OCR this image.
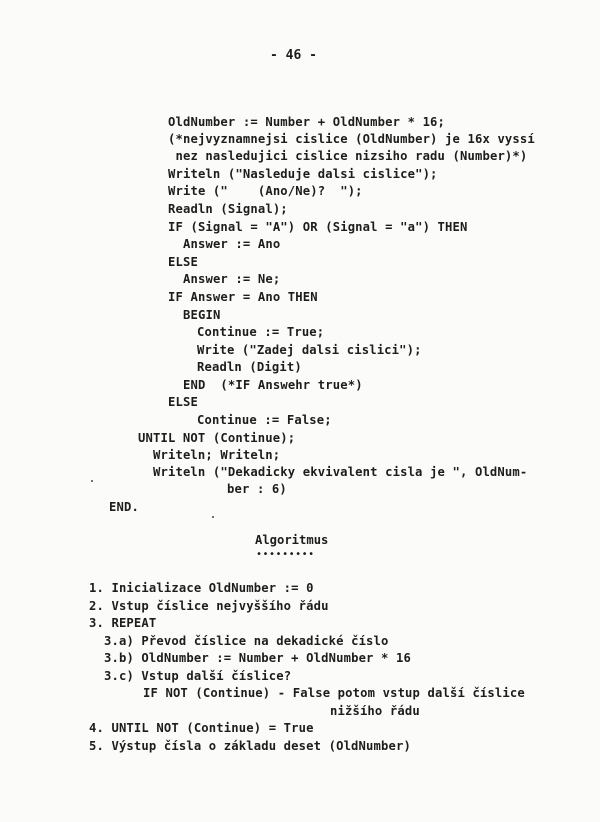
- 46 -
OldNumber := Number + OldNumber * 16;
(*nejvyznamnejsi cislice (OldNumber) je 16x vyssí
nez nasledujici cislice nizsiho radu (Number)*)
Writeln ("Nasleduje dalsi cislice");
Write ("    (Ano/Ne)?  ");
Readln (Signal);
IF (Signal = "A") OR (Signal = "a") THEN
Answer := Ano
ELSE
Answer := Ne;
IF Answer = Ano THEN
BEGIN
Continue := True;
Write ("Zadej dalsi cislici");
Readln (Digit)
END  (*IF Answehr true*)
ELSE
Continue := False;
UNTIL NOT (Continue);
Writeln; Writeln;
Writeln ("Dekadicky ekvivalent cisla je ", OldNum-
ber : 6)
END.
Algoritmus
•••••••••
1. Inicializace OldNumber := 0
2. Vstup číslice nejvyššího řádu
3. REPEAT
3.a) Převod číslice na dekadické číslo
3.b) OldNumber := Number + OldNumber * 16
3.c) Vstup další číslice?
IF NOT (Continue) - False potom vstup další číslice
nižšího řádu
4. UNTIL NOT (Continue) = True
5. Výstup čísla o základu deset (OldNumber)
